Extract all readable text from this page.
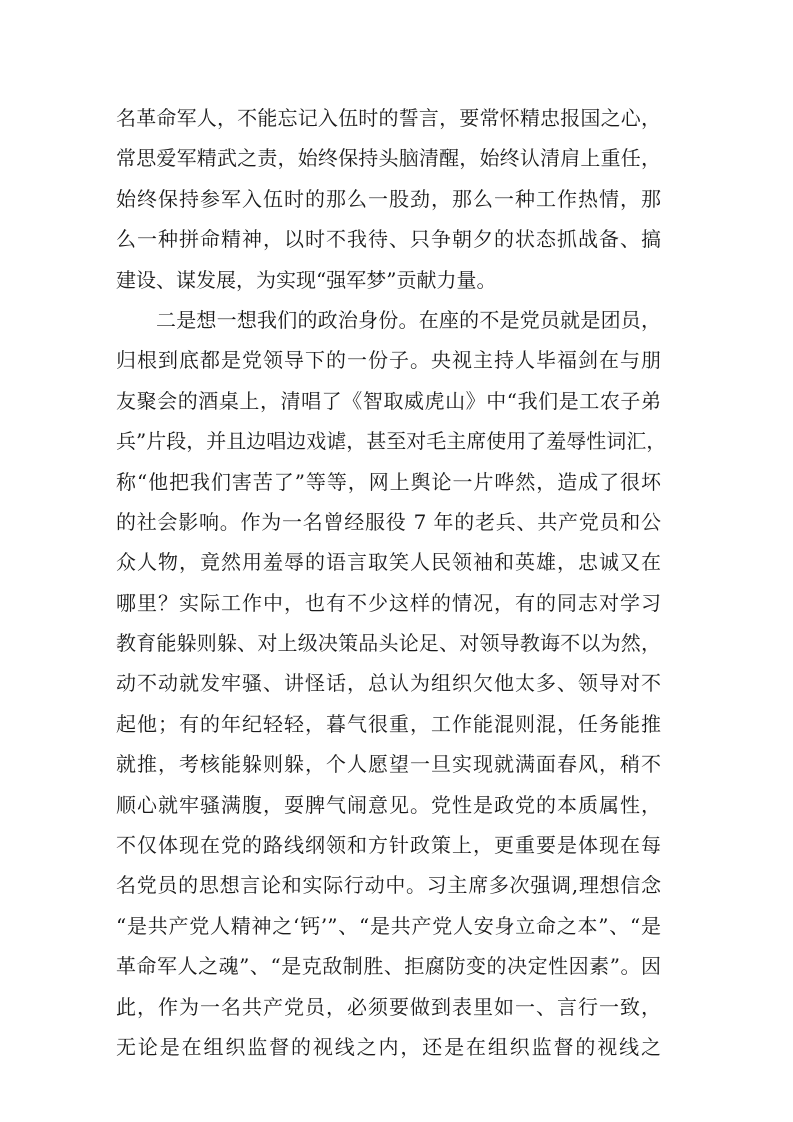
名革命军人，不能忘记入伍时的誓言，要常怀精忠报国之心，
常思爱军精武之责，始终保持头脑清醒，始终认清肩上重任，
始终保持参军入伍时的那么一股劲，那么一种工作热情，那
么一种拼命精神，以时不我待、只争朝夕的状态抓战备、搞
建设、谋发展，为实现“强军梦”贡献力量。
二是想一想我们的政治身份。在座的不是党员就是团员，
归根到底都是党领导下的一份子。央视主持人毕福剑在与朋
友聚会的酒桌上，清唱了《智取威虎山》中“我们是工农子弟
兵”片段，并且边唱边戏谑，甚至对毛主席使用了羞辱性词汇，
称“他把我们害苦了”等等，网上舆论一片哗然，造成了很坏
的社会影响。作为一名曾经服役 7 年的老兵、共产党员和公
众人物，竟然用羞辱的语言取笑人民领袖和英雄，忠诚又在
哪里？实际工作中，也有不少这样的情况，有的同志对学习
教育能躲则躲、对上级决策品头论足、对领导教诲不以为然，
动不动就发牢骚、讲怪话，总认为组织欠他太多、领导对不
起他；有的年纪轻轻，暮气很重，工作能混则混，任务能推
就推，考核能躲则躲，个人愿望一旦实现就满面春风，稍不
顺心就牢骚满腹，耍脾气闹意见。党性是政党的本质属性，
不仅体现在党的路线纲领和方针政策上，更重要是体现在每
名党员的思想言论和实际行动中。习主席多次强调,理想信念
“是共产党人精神之‘钙’”、“是共产党人安身立命之本”、“是
革命军人之魂”、“是克敌制胜、拒腐防变的决定性因素”。因
此，作为一名共产党员，必须要做到表里如一、言行一致，
无论是在组织监督的视线之内，还是在组织监督的视线之
